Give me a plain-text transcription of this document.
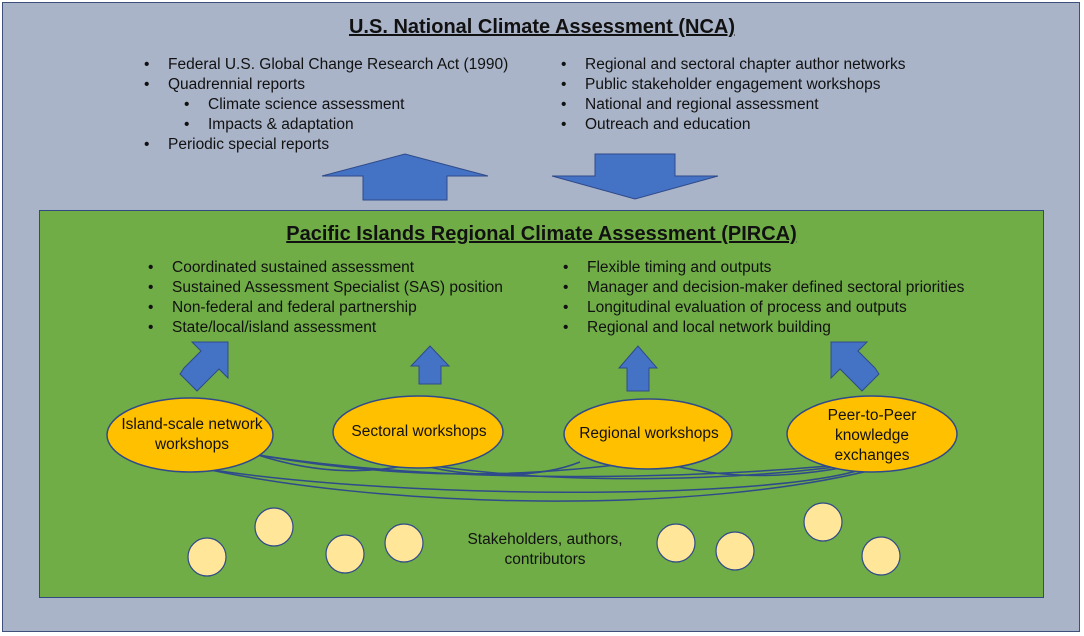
U.S. National Climate Assessment (NCA)
• Federal U.S. Global Change Research Act (1990)
• Quadrennial reports
• Climate science assessment
• Impacts & adaptation
• Periodic special reports
• Regional and sectoral chapter author networks
• Public stakeholder engagement workshops
• National and regional assessment
• Outreach and education
Pacific Islands Regional Climate Assessment (PIRCA)
• Coordinated sustained assessment
• Sustained Assessment Specialist (SAS) position
• Non-federal and federal partnership
• State/local/island assessment
• Flexible timing and outputs
• Manager and decision-maker defined sectoral priorities
• Longitudinal evaluation of process and outputs
• Regional and local network building
Island-scale network workshops
Sectoral workshops	Regional workshops
Peer-to-Peer knowledge exchanges
Stakeholders, authors, contributors
